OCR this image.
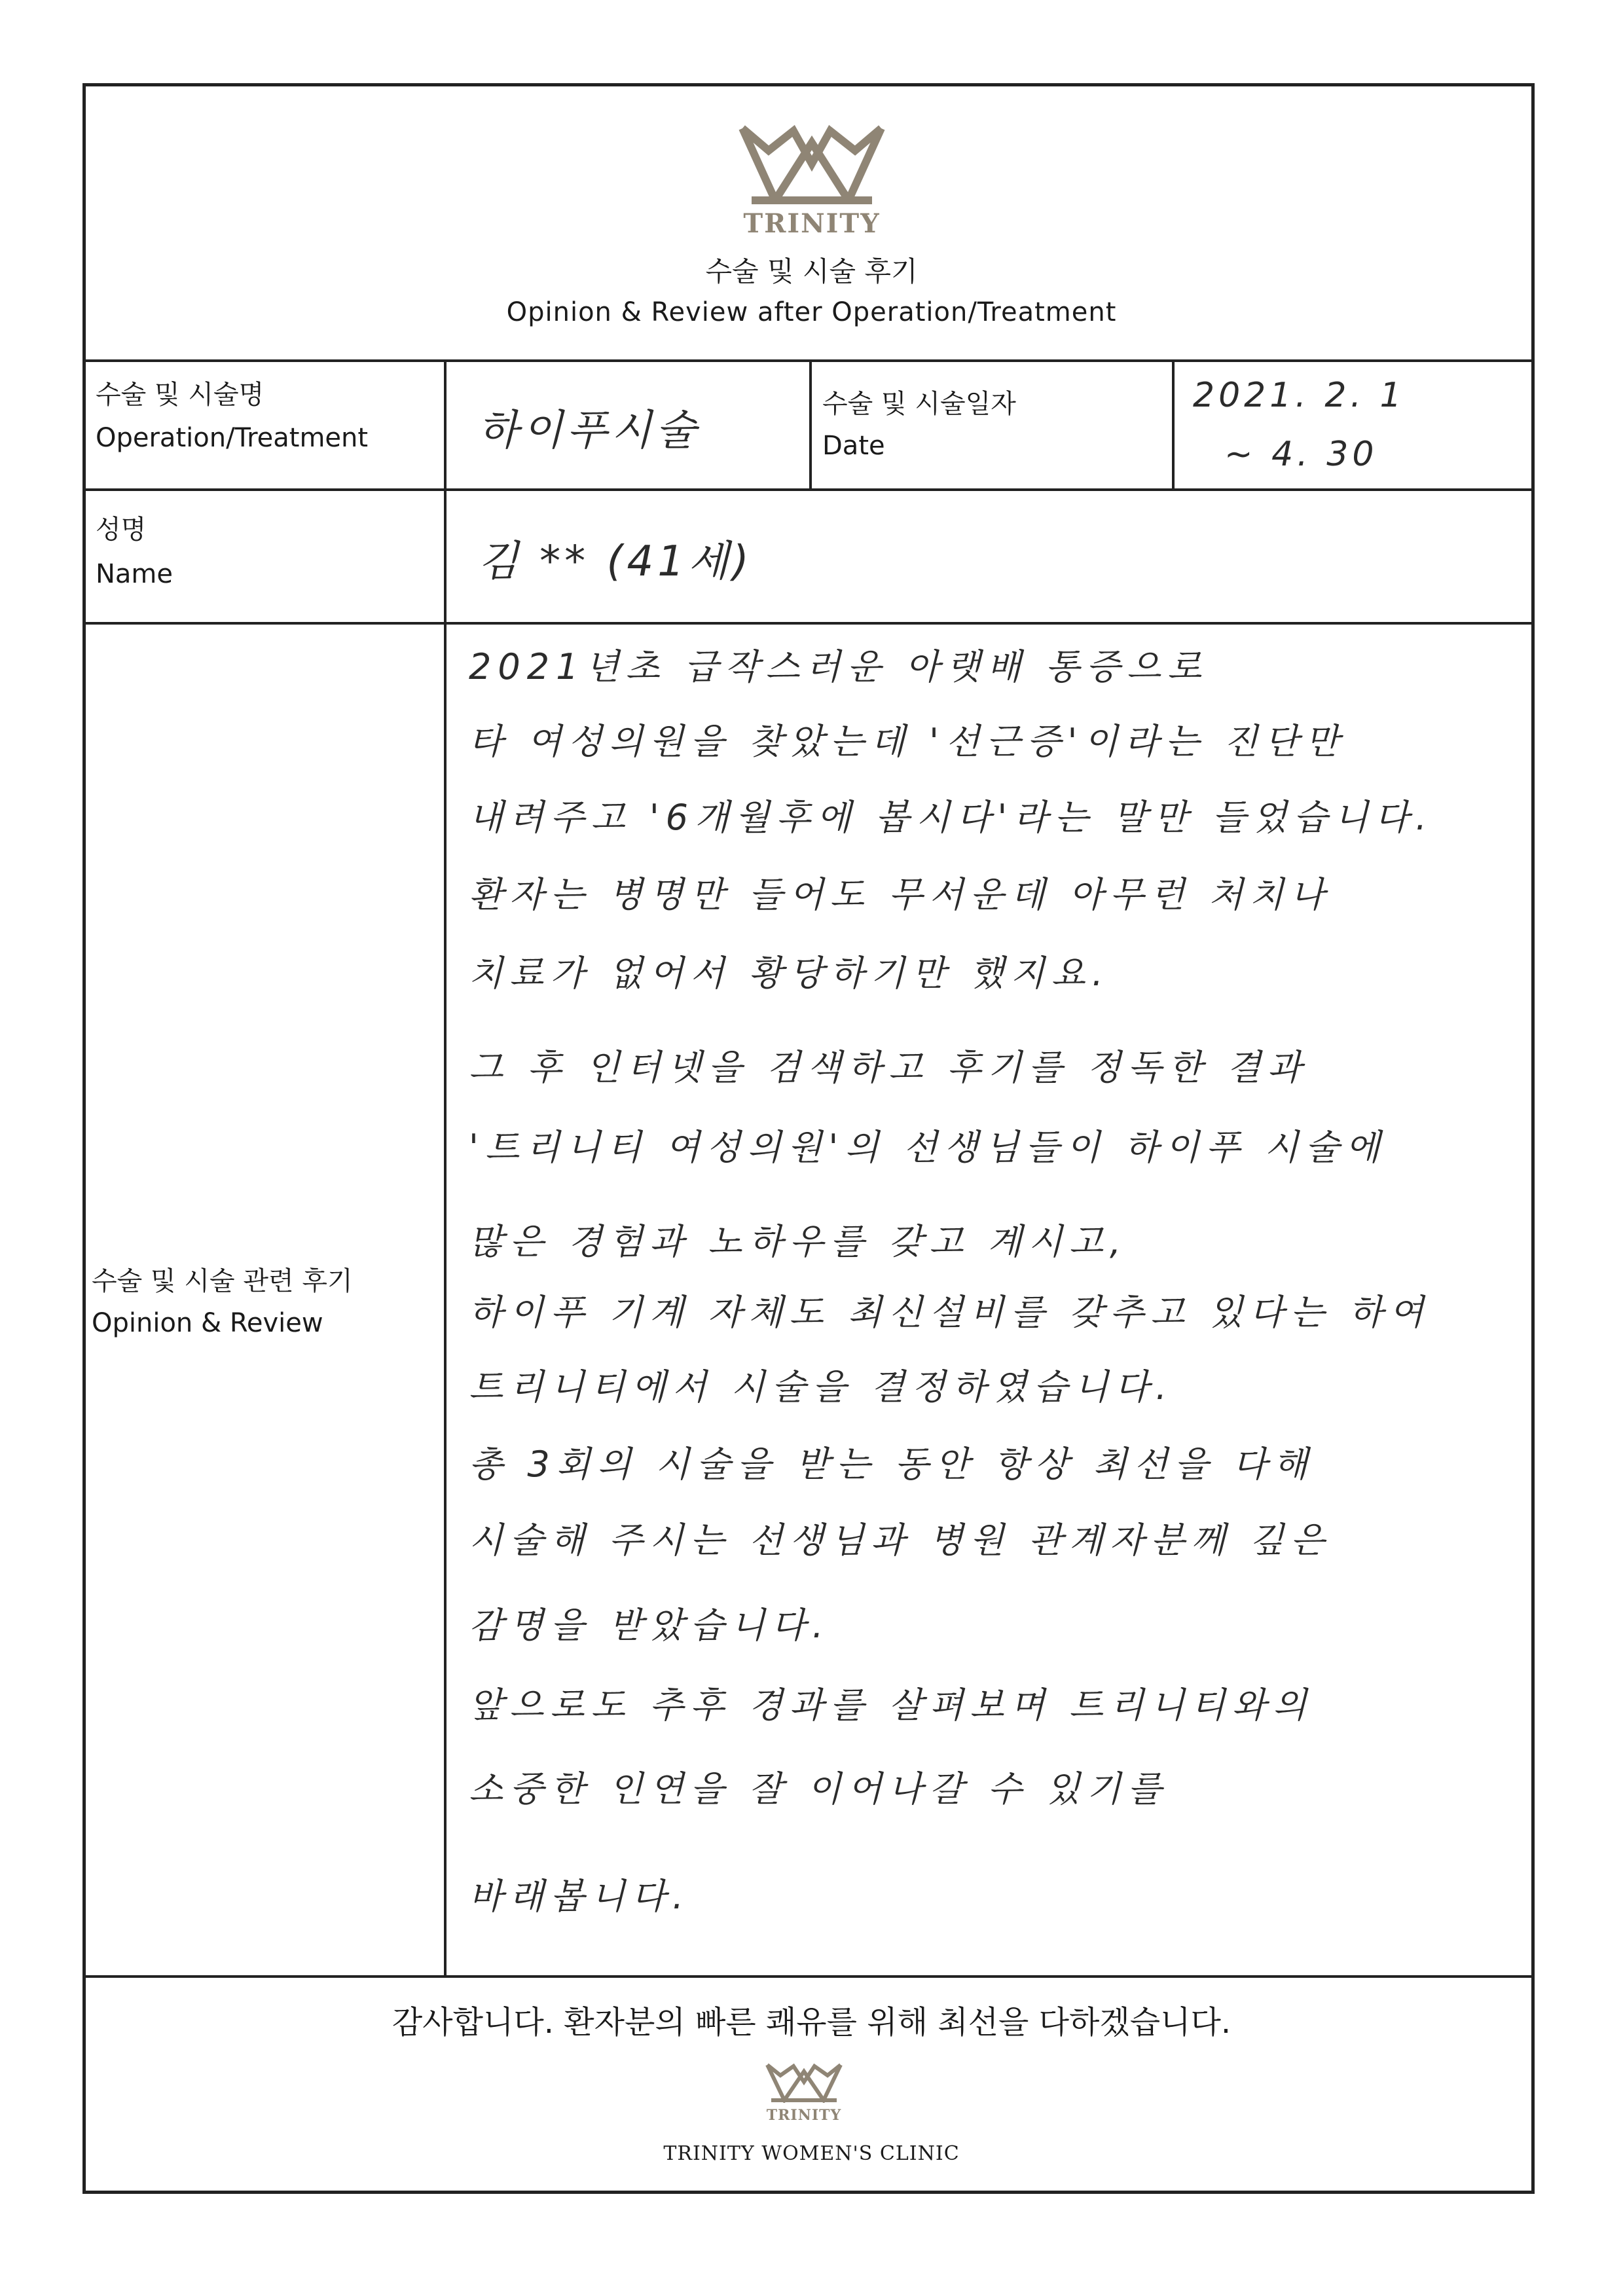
TRINITY
수술 및 시술 후기
Opinion & Review after Operation/Treatment
수술 및 시술명
Operation/Treatment	하이푸시술
수술 및 시술일자
Date
2021. 2. 1
~ 4. 30
성명
Name	김 ** (41세)
수술 및 시술 관련 후기
Opinion & Review
2021년초 급작스러운 아랫배 통증으로
타 여성의원을 찾았는데 '선근증'이라는 진단만
내려주고 '6개월후에 봅시다'라는 말만 들었습니다.
환자는 병명만 들어도 무서운데 아무런 처치나
치료가 없어서 황당하기만 했지요.
그 후 인터넷을 검색하고 후기를 정독한 결과
'트리니티 여성의원'의 선생님들이 하이푸 시술에
많은 경험과 노하우를 갖고 계시고,
하이푸 기계 자체도 최신설비를 갖추고 있다는 하여
트리니티에서 시술을 결정하였습니다.
총 3회의 시술을 받는 동안 항상 최선을 다해
시술해 주시는 선생님과 병원 관계자분께 깊은
감명을 받았습니다.
앞으로도 추후 경과를 살펴보며 트리니티와의
소중한 인연을 잘 이어나갈 수 있기를
바래봅니다.
감사합니다. 환자분의 빠른 쾌유를 위해 최선을 다하겠습니다.
TRINITY
TRINITY WOMEN'S CLINIC
